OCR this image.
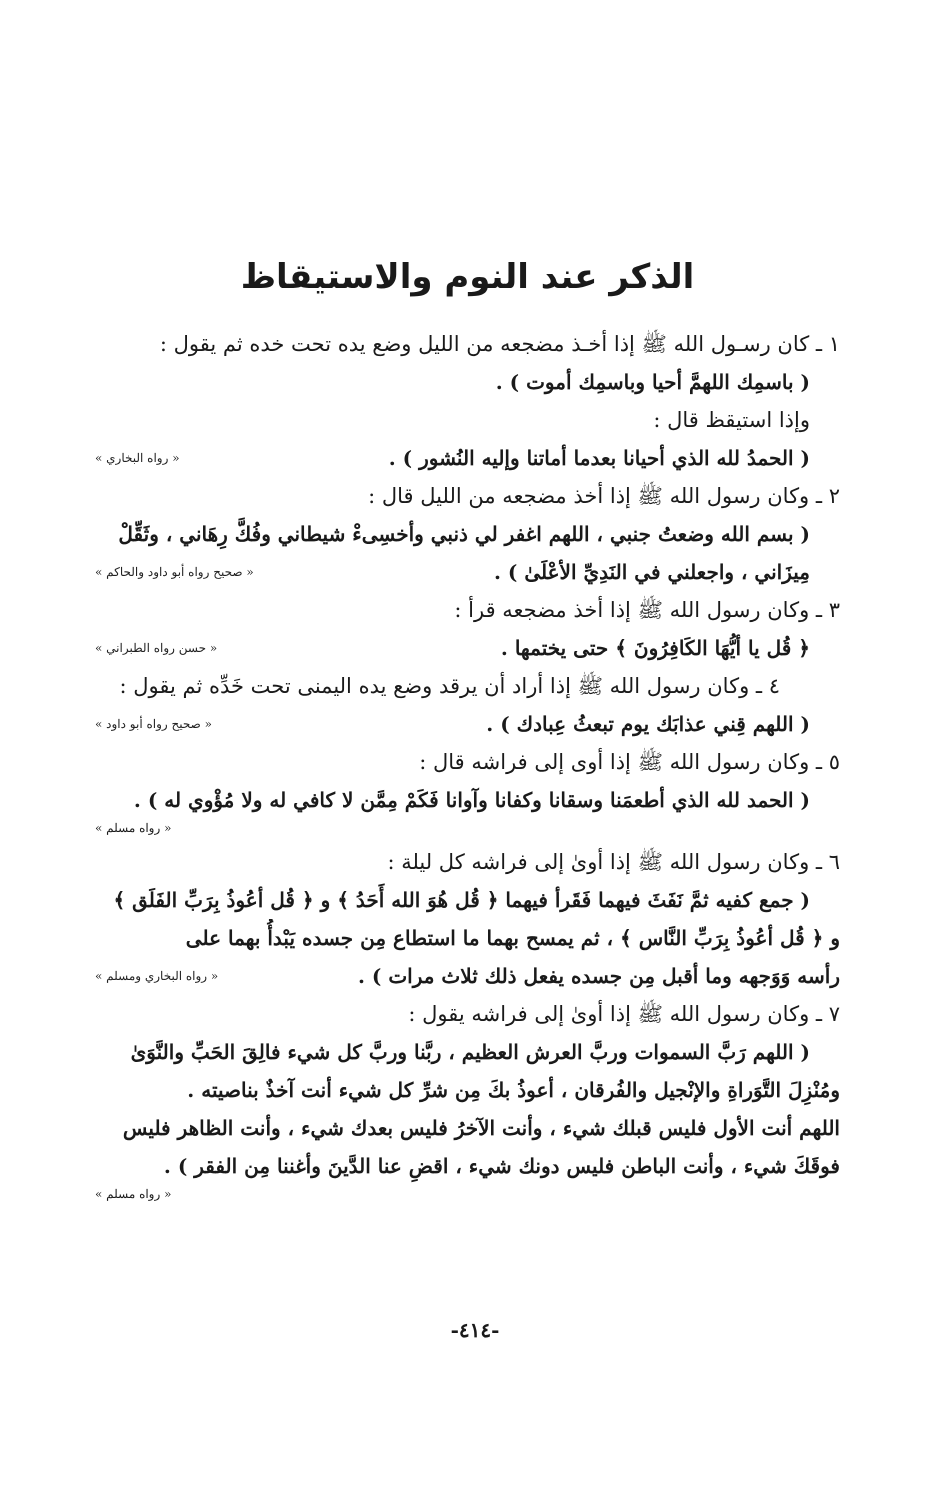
الذكر عند النوم والاستيقاظ
١ ـ كان رسـول الله ﷺ إذا أخـذ مضجعه من الليل وضع يده تحت خده ثم يقول :
( باسمِك اللهمَّ أحيا وباسمِك أموت ) .
وإذا استيقظ قال :
( الحمدُ لله الذي أحيانا بعدما أماتنا وإليه النُشور ) .
« رواه البخاري »
٢ ـ وكان رسول الله ﷺ إذا أخذ مضجعه من الليل قال :
( بسم الله وضعتُ جنبي ، اللهم اغفر لي ذنبي وأخسِىءْ شيطاني وفُكَّ رِهَاني ، وثَقِّلْ
مِيزَاني ، واجعلني في النَدِيِّ الأعْلَىٰ ) .
« صحيح رواه أبو داود والحاكم »
٣ ـ وكان رسول الله ﷺ إذا أخذ مضجعه قرأ :
﴿ قُل يا أيُّهَا الكَافِرُونَ ﴾ حتى يختمها .
« حسن رواه الطبراني »
٤ ـ وكان رسول الله ﷺ إذا أراد أن يرقد وضع يده اليمنى تحت خَدِّه ثم يقول :
( اللهم قِني عذابَك يوم تبعثُ عِبادك ) .
« صحيح رواه أبو داود »
٥ ـ وكان رسول الله ﷺ إذا أوى إلى فراشه قال :
( الحمد لله الذي أطعمَنا وسقانا وكفانا وآوانا فَكَمْ مِمَّن لا كافي له ولا مُؤْوي له ) .
« رواه مسلم »
٦ ـ وكان رسول الله ﷺ إذا أوىٰ إلى فراشه كل ليلة :
( جمع كفيه ثمَّ نَفَثَ فيهما فَقَرأ فيهما ﴿ قُل هُوَ الله أَحَدُ ﴾ و ﴿ قُل أعُوذُ بِرَبِّ الفَلَق ﴾
و ﴿ قُل أعُوذُ بِرَبِّ النَّاس ﴾ ، ثم يمسح بهما ما استطاع مِن جسده يَبْدأُ بهما على
رأسه وَوَجهه وما أقبل مِن جسده يفعل ذلك ثلاث مرات ) .
« رواه البخاري ومسلم »
٧ ـ وكان رسول الله ﷺ إذا أوىٰ إلى فراشه يقول :
( اللهم رَبَّ السموات وربَّ العرش العظيم ، ربَّنا وربَّ كل شيء فالِقَ الحَبِّ والنَّوَىٰ
ومُنْزِلَ التَّوَراةِ والإنْجيل والفُرقان ، أعوذُ بكَ مِن شرِّ كل شيء أنت آخذٌ بناصيته .
اللهم أنت الأول فليس قبلك شيء ، وأنت الآخرُ فليس بعدك شيء ، وأنت الظاهر فليس
فوقَكَ شيء ، وأنت الباطن فليس دونك شيء ، اقضِ عنا الدَّينَ وأغننا مِن الفقر ) .
« رواه مسلم »
-٤١٤-
